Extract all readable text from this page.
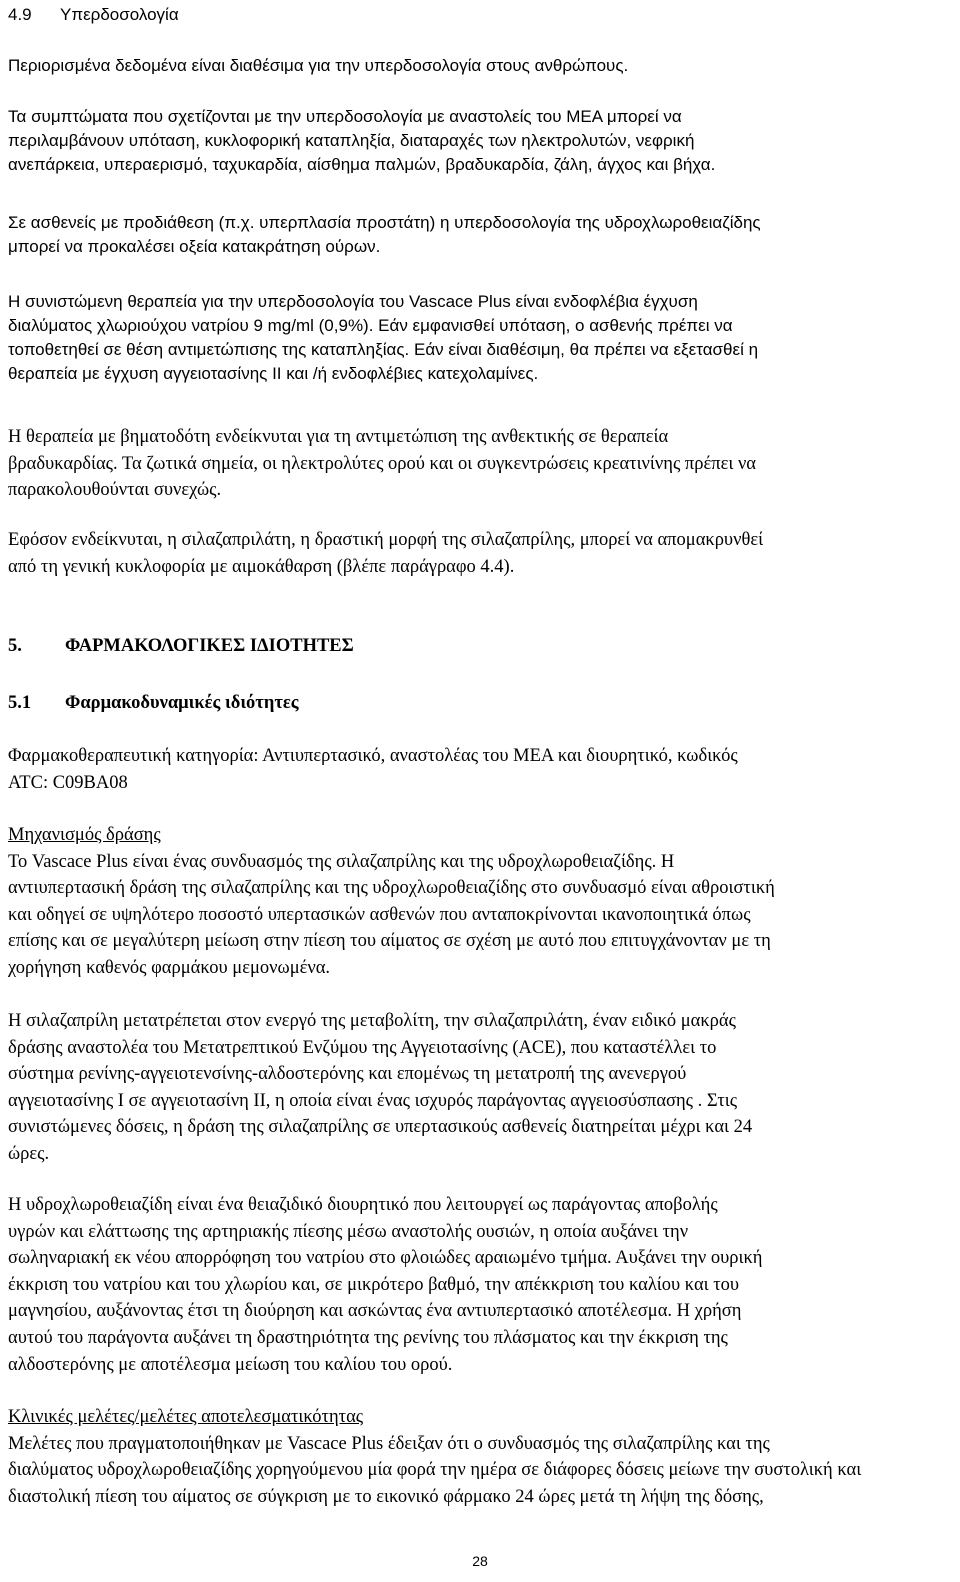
4.9 Υπερδοσολογία

Περιορισμένα δεδομένα είναι διαθέσιμα για την υπερδοσολογία στους ανθρώπους.

Τα συμπτώματα που σχετίζονται με την υπερδοσολογία με αναστολείς του ΜΕΑ μπορεί να
περιλαμβάνουν υπόταση, κυκλοφορική καταπληξία, διαταραχές των ηλεκτρολυτών, νεφρική
ανεπάρκεια, υπεραερισμό, ταχυκαρδία, αίσθημα παλμών, βραδυκαρδία, ζάλη, άγχος και βήχα.

Σε ασθενείς με προδιάθεση (π.χ. υπερπλασία προστάτη) η υπερδοσολογία της υδροχλωροθειαζίδης
μπορεί να προκαλέσει οξεία κατακράτηση ούρων.

Η συνιστώμενη θεραπεία για την υπερδοσολογία του Vascace Plus είναι ενδοφλέβια έγχυση
διαλύματος χλωριούχου νατρίου 9 mg/ml (0,9%). Εάν εμφανισθεί υπόταση, ο ασθενής πρέπει να
τοποθετηθεί σε θέση αντιμετώπισης της καταπληξίας. Εάν είναι διαθέσιμη, θα πρέπει να εξετασθεί η
θεραπεία με έγχυση αγγειοτασίνης ΙΙ και /ή ενδοφλέβιες κατεχολαμίνες.

Η θεραπεία με βηματοδότη ενδείκνυται για τη αντιμετώπιση της ανθεκτικής σε θεραπεία
βραδυκαρδίας. Τα ζωτικά σημεία, οι ηλεκτρολύτες ορού και οι συγκεντρώσεις κρεατινίνης πρέπει να
παρακολουθούνται συνεχώς.

Εφόσον ενδείκνυται, η σιλαζαπριλάτη, η δραστική μορφή της σιλαζαπρίλης, μπορεί να απομακρυνθεί
από τη γενική κυκλοφορία με αιμοκάθαρση (βλέπε παράγραφο 4.4).

5. ΦΑΡΜΑΚΟΛΟΓΙΚΕΣ ΙΔΙΟΤΗΤΕΣ
5.1 Φαρμακοδυναμικές ιδιότητες

Φαρμακοθεραπευτική κατηγορία: Αντιυπερτασικό, αναστολέας του ΜΕΑ και διουρητικό, κωδικός
ATC: C09BA08

Μηχανισμός δράσης
Το Vascace Plus είναι ένας συνδυασμός της σιλαζαπρίλης και της υδροχλωροθειαζίδης. Η
αντιυπερτασική δράση της σιλαζαπρίλης και της υδροχλωροθειαζίδης στο συνδυασμό είναι αθροιστική
και οδηγεί σε υψηλότερο ποσοστό υπερτασικών ασθενών που ανταποκρίνονται ικανοποιητικά όπως
επίσης και σε μεγαλύτερη μείωση στην πίεση του αίματος σε σχέση με αυτό που επιτυγχάνονταν με τη
χορήγηση καθενός φαρμάκου μεμονωμένα.

Η σιλαζαπρίλη μετατρέπεται στον ενεργό της μεταβολίτη, την σιλαζαπριλάτη, έναν ειδικό μακράς
δράσης αναστολέα του Μετατρεπτικού Ενζύμου της Αγγειοτασίνης (ACE), που καταστέλλει το
σύστημα ρενίνης-αγγειοτενσίνης-αλδοστερόνης και επομένως τη μετατροπή της ανενεργού
αγγειοτασίνης Ι σε αγγειοτασίνη ΙΙ, η οποία είναι ένας ισχυρός παράγοντας αγγειοσύσπασης . Στις
συνιστώμενες δόσεις, η δράση της σιλαζαπρίλης σε υπερτασικούς ασθενείς διατηρείται μέχρι και 24
ώρες.

Η υδροχλωροθειαζίδη είναι ένα θειαζιδικό διουρητικό που λειτουργεί ως παράγοντας αποβολής
υγρών και ελάττωσης της αρτηριακής πίεσης μέσω αναστολής ουσιών, η οποία αυξάνει την
σωληναριακή εκ νέου απορρόφηση του νατρίου στο φλοιώδες αραιωμένο τμήμα. Αυξάνει την ουρική
έκκριση του νατρίου και του χλωρίου και, σε μικρότερο βαθμό, την απέκκριση του καλίου και του
μαγνησίου, αυξάνοντας έτσι τη διούρηση και ασκώντας ένα αντιυπερτασικό αποτέλεσμα. Η χρήση
αυτού του παράγοντα αυξάνει τη δραστηριότητα της ρενίνης του πλάσματος και την έκκριση της
αλδοστερόνης με αποτέλεσμα μείωση του καλίου του ορού.

Κλινικές μελέτες/μελέτες αποτελεσματικότητας
Μελέτες που πραγματοποιήθηκαν με Vascace Plus έδειξαν ότι ο συνδυασμός της σιλαζαπρίλης και της
διαλύματος υδροχλωροθειαζίδης χορηγούμενου μία φορά την ημέρα σε διάφορες δόσεις μείωνε την συστολική και
διαστολική πίεση του αίματος σε σύγκριση με το εικονικό φάρμακο 24 ώρες μετά τη λήψη της δόσης,

28
